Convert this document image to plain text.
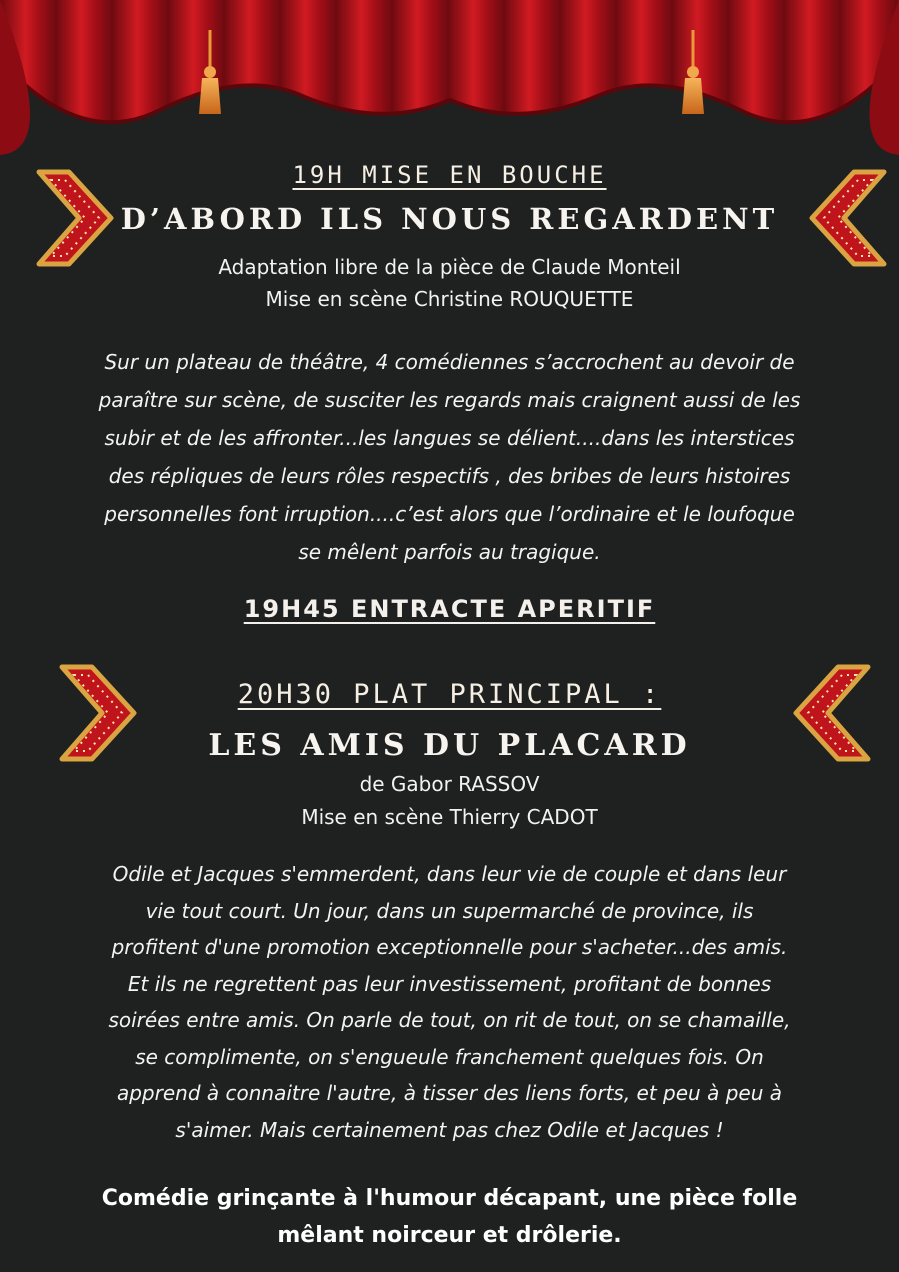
19H MISE EN BOUCHE
D’ABORD ILS NOUS REGARDENT
Adaptation libre de la pièce de Claude Monteil
Mise en scène Christine ROUQUETTE

Sur un plateau de théâtre, 4 comédiennes s’accrochent au devoir de

paraître sur scène, de susciter les regards mais craignent aussi de les

subir et de les affronter...les langues se délient....dans les interstices

des répliques de leurs rôles respectifs , des bribes de leurs histoires

personnelles font irruption....c’est alors que l’ordinaire et le loufoque

se mêlent parfois au tragique.

19H45 ENTRACTE APERITIF
20H30 PLAT PRINCIPAL :
LES AMIS DU PLACARD
de Gabor RASSOV
Mise en scène Thierry CADOT

Odile et Jacques s'emmerdent, dans leur vie de couple et dans leur

vie tout court. Un jour, dans un supermarché de province, ils

profitent d'une promotion exceptionnelle pour s'acheter...des amis.

Et ils ne regrettent pas leur investissement, profitant de bonnes

soirées entre amis. On parle de tout, on rit de tout, on se chamaille,

se complimente, on s'engueule franchement quelques fois. On

apprend à connaitre l'autre, à tisser des liens forts, et peu à peu à

s'aimer. Mais certainement pas chez Odile et Jacques !

Comédie grinçante à l'humour décapant, une pièce folle

mêlant noirceur et drôlerie.
